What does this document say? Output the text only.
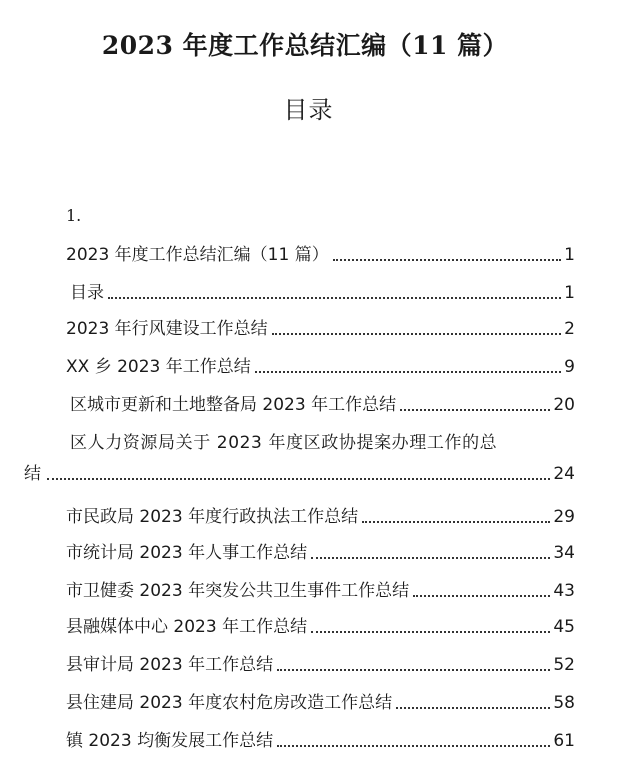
2023 年度工作总结汇编（11 篇）
目录
1.
2023 年度工作总结汇编（11 篇）	1
目录	1
2023 年行风建设工作总结	2
XX 乡 2023 年工作总结	9
区城市更新和土地整备局 2023 年工作总结	20
区人力资源局关于 2023 年度区政协提案办理工作的总
结	24
市民政局 2023 年度行政执法工作总结	29
市统计局 2023 年人事工作总结	34
市卫健委 2023 年突发公共卫生事件工作总结	43
县融媒体中心 2023 年工作总结	45
县审计局 2023 年工作总结	52
县住建局 2023 年度农村危房改造工作总结	58
镇 2023 均衡发展工作总结	61
